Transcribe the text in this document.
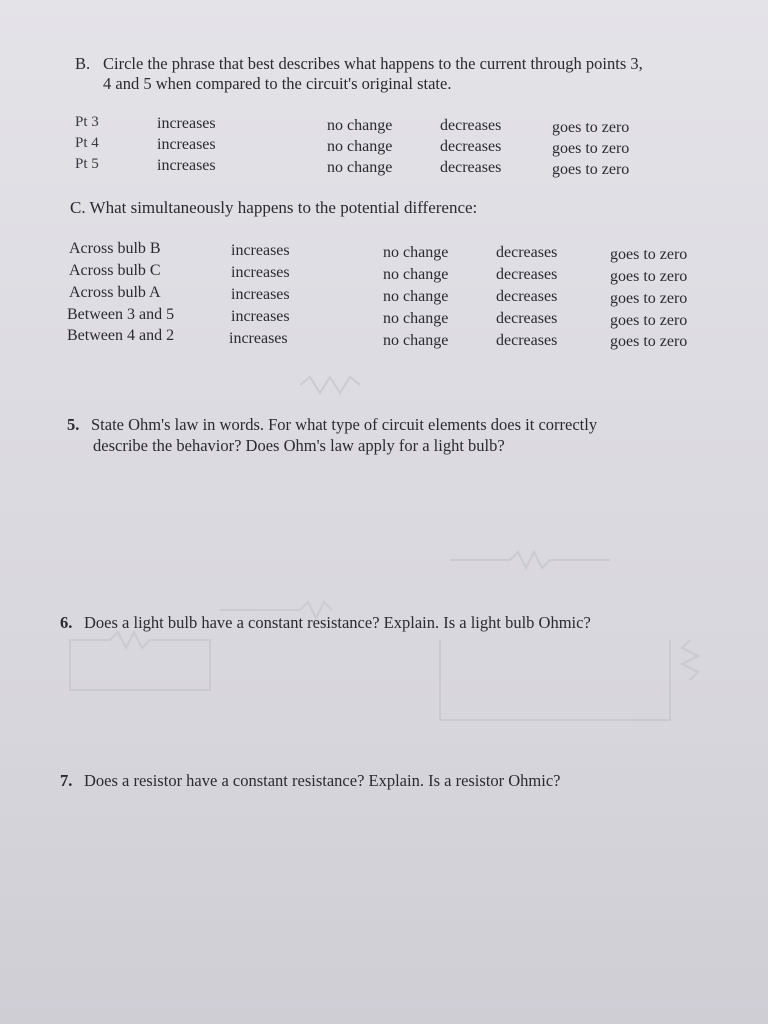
B. Circle the phrase that best describes what happens to the current through points 3,
4 and 5 when compared to the circuit's original state.
Pt 3	increases	no change	decreases	goes to zero
Pt 4	increases	no change	decreases	goes to zero
Pt 5	increases	no change	decreases	goes to zero
C. What simultaneously happens to the potential difference:
Across bulb B	increases	no change	decreases	goes to zero
Across bulb C	increases	no change	decreases	goes to zero
Across bulb A	increases	no change	decreases	goes to zero
Between 3 and 5	increases	no change	decreases	goes to zero
Between 4 and 2	increases	no change	decreases	goes to zero
5. State Ohm's law in words. For what type of circuit elements does it correctly
describe the behavior? Does Ohm's law apply for a light bulb?
6. Does a light bulb have a constant resistance? Explain. Is a light bulb Ohmic?
7. Does a resistor have a constant resistance? Explain. Is a resistor Ohmic?
